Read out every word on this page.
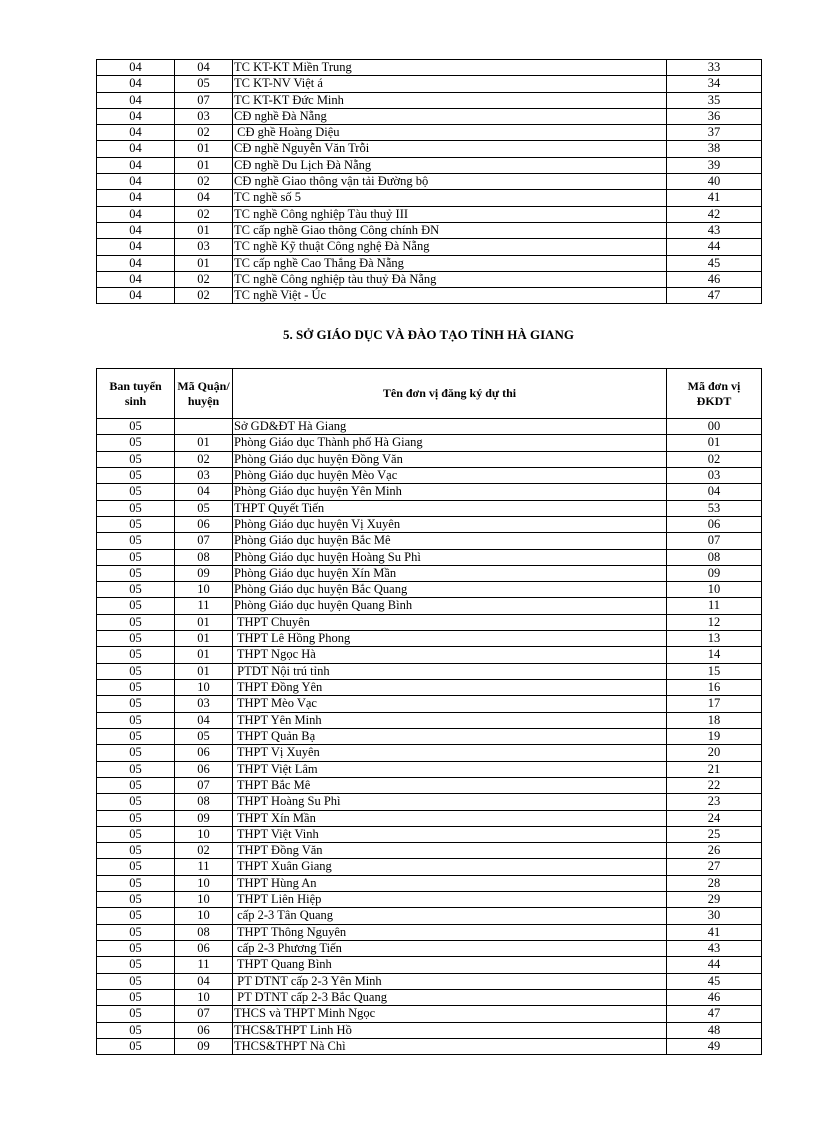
04	04	TC KT-KT Miền Trung	33
04	05	TC KT-NV Việt á	34
04	07	TC KT-KT Đức Minh	35
04	03	CĐ nghề Đà Nẵng	36
04	02	CĐ ghề Hoàng Diệu	37
04	01	CĐ nghề Nguyễn Văn Trỗi	38
04	01	CĐ nghề Du Lịch Đà Nẵng	39
04	02	CĐ nghề Giao thông vận tải Đường bộ	40
04	04	TC nghề số 5	41
04	02	TC nghề Công nghiệp Tàu thuỷ III	42
04	01	TC cấp nghề Giao thông Công chính ĐN	43
04	03	TC nghề Kỹ thuật Công nghệ Đà Nẵng	44
04	01	TC cấp nghề Cao Thắng Đà Nẵng	45
04	02	TC nghề Công nghiệp tàu thuỷ Đà Nẵng	46
04	02	TC nghề Việt - Úc	47
5. SỞ GIÁO DỤC VÀ ĐÀO TẠO TỈNH HÀ GIANG
Ban tuyển sinh	Mã Quận/ huyện	Tên đơn vị đăng ký dự thi	Mã đơn vị ĐKDT
05		Sở GD&ĐT Hà Giang	00
05	01	Phòng Giáo dục Thành phố Hà Giang	01
05	02	Phòng Giáo dục huyện Đồng Văn	02
05	03	Phòng Giáo dục huyện Mèo Vạc	03
05	04	Phòng Giáo dục huyện Yên Minh	04
05	05	THPT Quyết Tiến	53
05	06	Phòng Giáo dục huyện Vị Xuyên	06
05	07	Phòng Giáo dục huyện Bắc Mê	07
05	08	Phòng Giáo dục huyện Hoàng Su Phì	08
05	09	Phòng Giáo dục huyện Xín Mần	09
05	10	Phòng Giáo dục huyện Bắc Quang	10
05	11	Phòng Giáo dục huyện Quang Bình	11
05	01	THPT Chuyên	12
05	01	THPT Lê Hồng Phong	13
05	01	THPT Ngọc Hà	14
05	01	PTDT Nội trú tỉnh	15
05	10	THPT Đồng Yên	16
05	03	THPT Mèo Vạc	17
05	04	THPT Yên Minh	18
05	05	THPT Quản Bạ	19
05	06	THPT Vị Xuyên	20
05	06	THPT Việt Lâm	21
05	07	THPT Bắc Mê	22
05	08	THPT Hoàng Su Phì	23
05	09	THPT Xín Mần	24
05	10	THPT Việt Vinh	25
05	02	THPT Đồng Văn	26
05	11	THPT Xuân Giang	27
05	10	THPT Hùng An	28
05	10	THPT Liên Hiệp	29
05	10	cấp 2-3 Tân Quang	30
05	08	THPT Thông Nguyên	41
05	06	cấp 2-3 Phương Tiến	43
05	11	THPT Quang Bình	44
05	04	PT DTNT cấp 2-3 Yên Minh	45
05	10	PT DTNT cấp 2-3 Bắc Quang	46
05	07	THCS và THPT Minh Ngọc	47
05	06	THCS&THPT Linh Hồ	48
05	09	THCS&THPT Nà Chì	49
